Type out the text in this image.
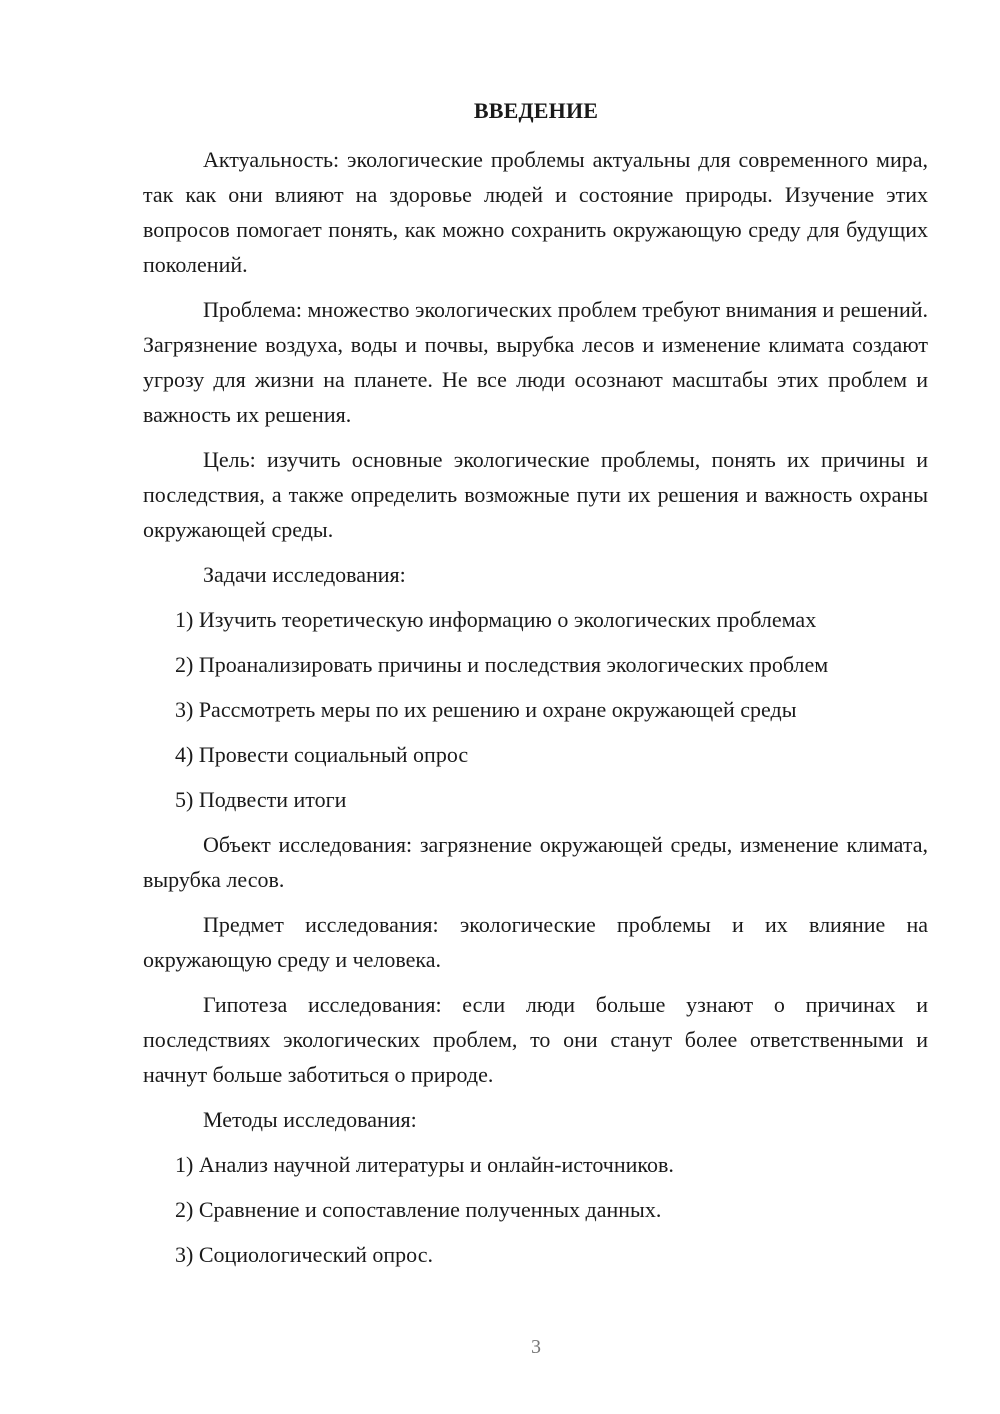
ВВЕДЕНИЕ

Актуальность: экологические проблемы актуальны для современного мира, так как они влияют на здоровье людей и состояние природы. Изучение этих вопросов помогает понять, как можно сохранить окружающую среду для будущих поколений.

Проблема: множество экологических проблем требуют внимания и решений. Загрязнение воздуха, воды и почвы, вырубка лесов и изменение климата создают угрозу для жизни на планете. Не все люди осознают масштабы этих проблем и важность их решения.

Цель: изучить основные экологические проблемы, понять их причины и последствия, а также определить возможные пути их решения и важность охраны окружающей среды.

Задачи исследования:

1) Изучить теоретическую информацию о экологических проблемах

2) Проанализировать причины и последствия экологических проблем

3) Рассмотреть меры по их решению и охране окружающей среды

4) Провести социальный опрос

5) Подвести итоги

Объект исследования: загрязнение окружающей среды, изменение климата, вырубка лесов.

Предмет исследования: экологические проблемы и их влияние на окружающую среду и человека.

Гипотеза исследования: если люди больше узнают о причинах и последствиях экологических проблем, то они станут более ответственными и начнут больше заботиться о природе.

Методы исследования:

1) Анализ научной литературы и онлайн-источников.

2) Сравнение и сопоставление полученных данных.

3) Социологический опрос.

3
